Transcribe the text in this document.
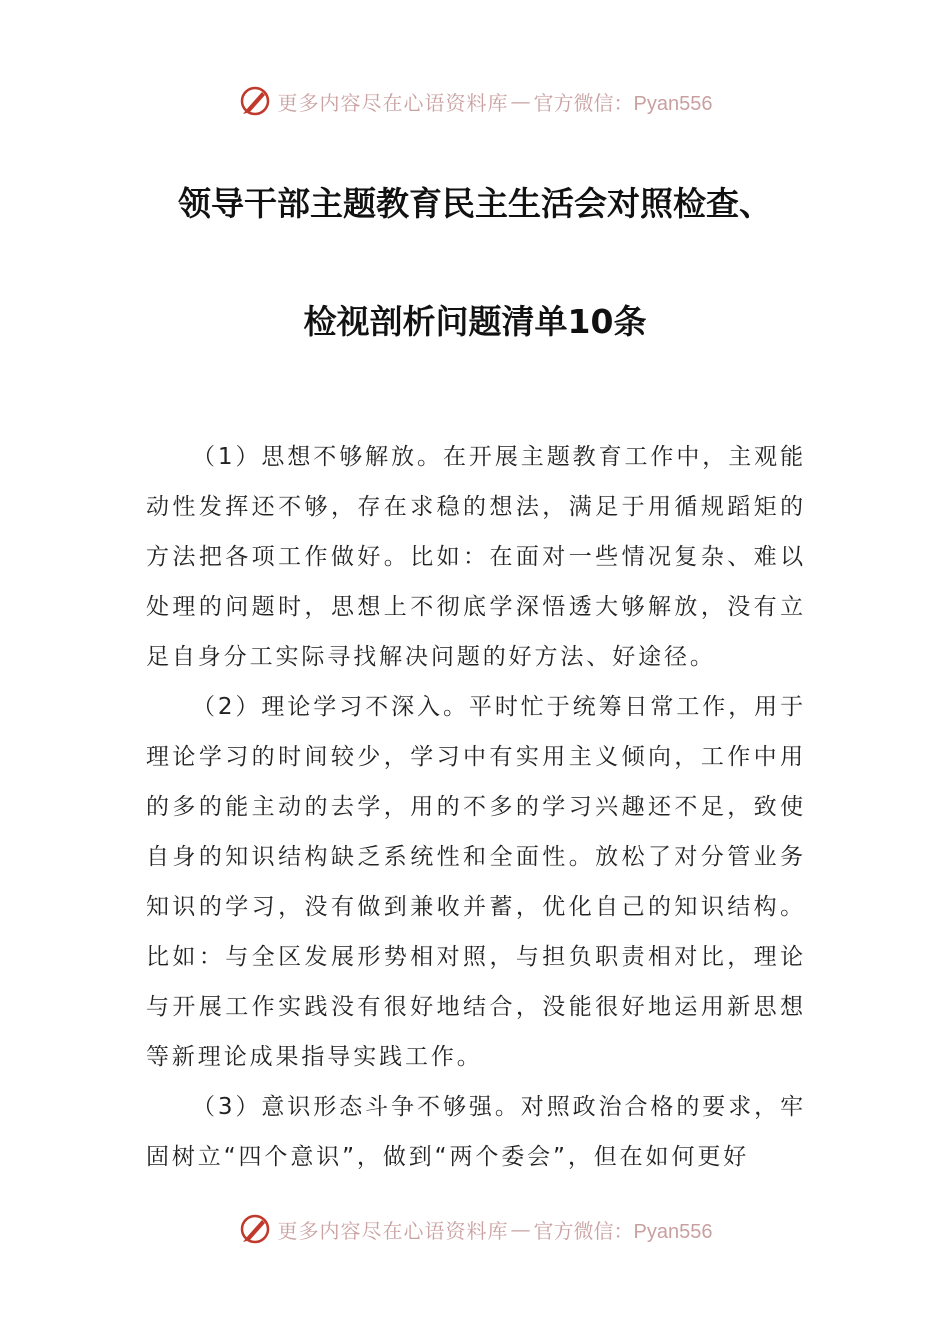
更多内容尽在心语资料库 — 官方微信：Pyan556
领导干部主题教育民主生活会对照检查、
检视剖析问题清单10条

（1）思想不够解放。在开展主题教育工作中，主观能动性发挥还不够，存在求稳的想法，满足于用循规蹈矩的方法把各项工作做好。比如：在面对一些情况复杂、难以处理的问题时，思想上不彻底学深悟透大够解放，没有立足自身分工实际寻找解决问题的好方法、好途径。

（2）理论学习不深入。平时忙于统筹日常工作，用于理论学习的时间较少，学习中有实用主义倾向，工作中用的多的能主动的去学，用的不多的学习兴趣还不足，致使自身的知识结构缺乏系统性和全面性。放松了对分管业务知识的学习，没有做到兼收并蓄，优化自己的知识结构。比如：与全区发展形势相对照，与担负职责相对比，理论与开展工作实践没有很好地结合，没能很好地运用新思想等新理论成果指导实践工作。

（3）意识形态斗争不够强。对照政治合格的要求，牢固树立“四个意识”，做到“两个委会”，但在如何更好

更多内容尽在心语资料库 — 官方微信：Pyan556
